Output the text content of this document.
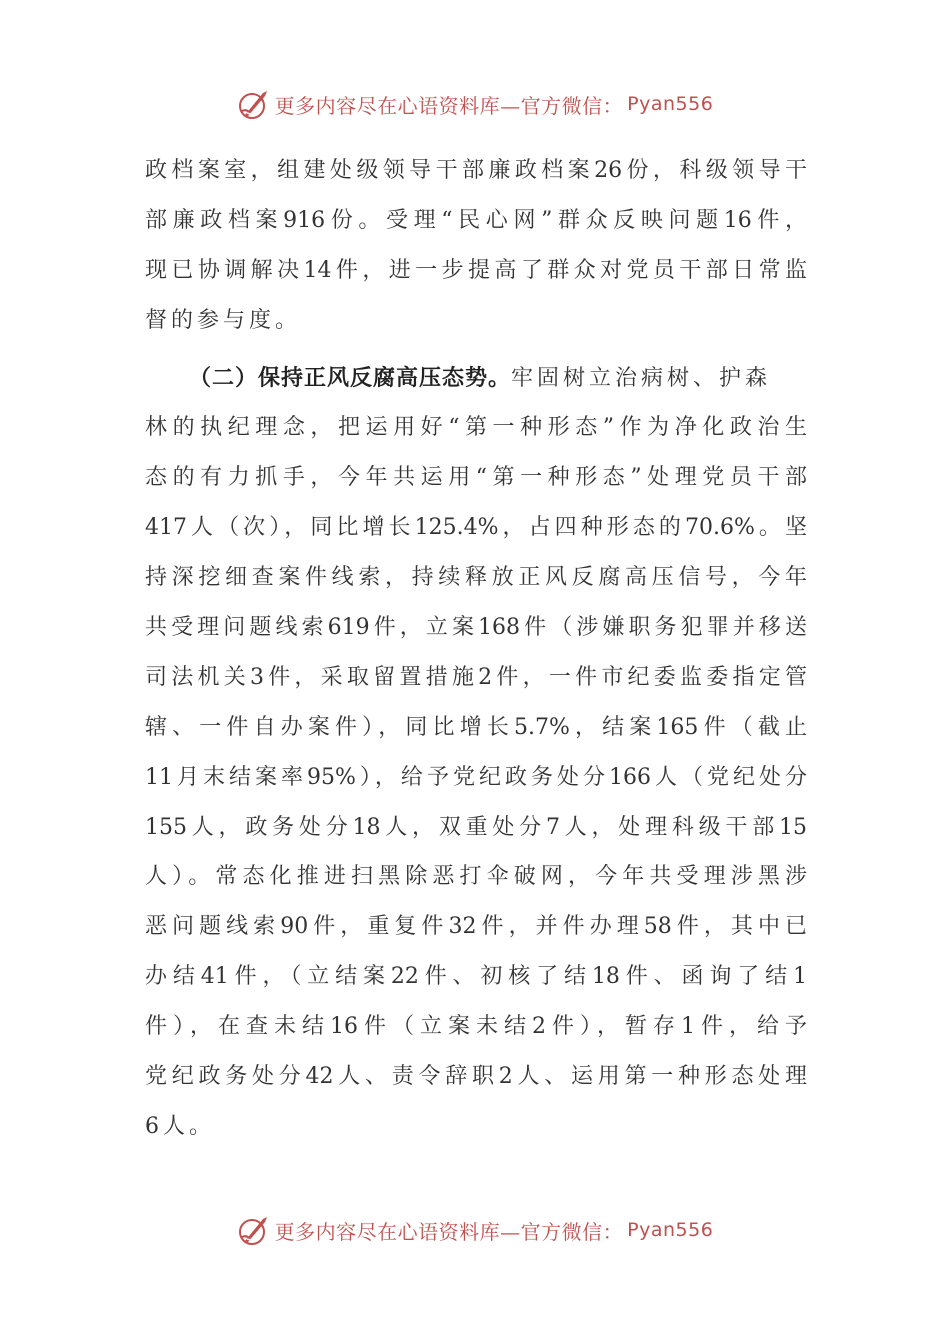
更多内容尽在心语资料库—官方微信： Pyan556
政档案室，组建处级领导干部廉政档案26份，科级领导干
部廉政档案916份。受理“民心网”群众反映问题16件，
现已协调解决14件，进一步提高了群众对党员干部日常监
督的参与度。
（二）保持正风反腐高压态势。牢固树立治病树、护森
林的执纪理念，把运用好“第一种形态”作为净化政治生
态的有力抓手，今年共运用“第一种形态”处理党员干部
417人（次），同比增长125.4%，占四种形态的70.6%。坚
持深挖细查案件线索，持续释放正风反腐高压信号，今年
共受理问题线索619件，立案168件（涉嫌职务犯罪并移送
司法机关3件，采取留置措施2件，一件市纪委监委指定管
辖、一件自办案件），同比增长5.7%，结案165件（截止
11月末结案率95%），给予党纪政务处分166人（党纪处分
155人，政务处分18人，双重处分7人，处理科级干部15
人）。常态化推进扫黑除恶打伞破网，今年共受理涉黑涉
恶问题线索90件，重复件32件，并件办理58件，其中已
办结41件，（立结案22件、初核了结18件、函询了结1
件），在查未结16件（立案未结2件），暂存1件，给予
党纪政务处分42人、责令辞职2人、运用第一种形态处理
6人。
更多内容尽在心语资料库—官方微信： Pyan556
